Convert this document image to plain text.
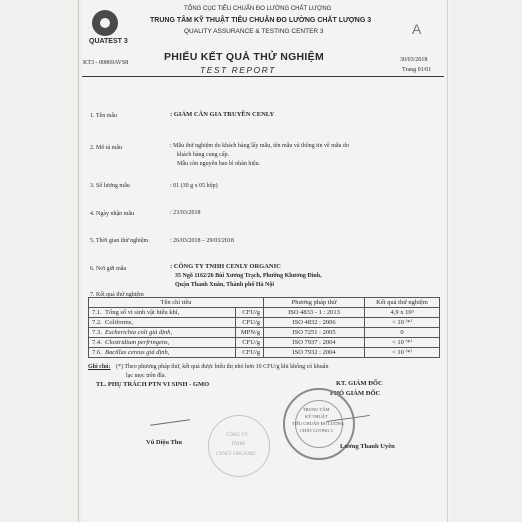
QUATEST 3
TỔNG CỤC TIÊU CHUẨN ĐO LƯỜNG CHẤT LƯỢNG
TRUNG TÂM KỸ THUẬT TIÊU CHUẨN ĐO LƯỜNG CHẤT LƯỢNG 3
QUALITY ASSURANCE & TESTING CENTER 3	A
KT3 - 00869AVS8	PHIẾU KẾT QUẢ THỬ NGHIỆM
TEST REPORT
30/03/2018
Trang 01/01
1. Tên mẫu	: GIẢM CÂN GIA TRUYỀN CENLY
2. Mô tả mẫu	: Mẫu thử nghiệm do khách hàng lấy mẫu, tên mẫu và thông tin về mẫu do
khách hàng cung cấp.
Mẫu còn nguyên bao bì nhãn hiệu.
3. Số lượng mẫu	: 01 (30 g x 05 hộp)
4. Ngày nhận mẫu	: 23/03/2018
5. Thời gian thử nghiệm	: 26/03/2018 – 29/03/2018
6. Nơi gửi mẫu	: CÔNG TY TNHH CENLY ORGANIC
35 Ngõ 1162/26 Bùi Xương Trạch, Phường Khương Đình,
Quận Thanh Xuân, Thành phố Hà Nội
7. Kết quả thử nghiệm
Tên chỉ tiêu		Phương pháp thử	Kết quả thử nghiệm
7.1. Tổng số vi sinh vật hiếu khí,	CFU/g	ISO 4833 - 1 : 2013	4,9 x 10³
7.2. Coliforms,	CFU/g	ISO 4832 : 2006	< 10 ⁽*⁾
7.3. Escherichia coli giả định,	MPN/g	ISO 7251 : 2005	0
7.4. Clostridium perfringens,	CFU/g	ISO 7937 : 2004	< 10 ⁽*⁾
7.6. Bacillus cereus giả định,	CFU/g	ISO 7932 : 2004	< 10 ⁽*⁾
Ghi chú: (*) Theo phương pháp thử, kết quả được biểu thị nhỏ hơn 10 CFU/g khi không có khuẩn
lạc mọc trên đĩa.
TL. PHỤ TRÁCH PTN VI SINH - GMO	KT. GIÁM ĐỐC
PHÓ GIÁM ĐỐC
CÔNG TY
TNHH
CENLY ORGANIC
TRUNG TÂM
KỸ THUẬT
TIÊU CHUẨN ĐO LƯỜNG
CHẤT LƯỢNG 3
Vũ Diệu Thu
Lương Thanh Uyên
